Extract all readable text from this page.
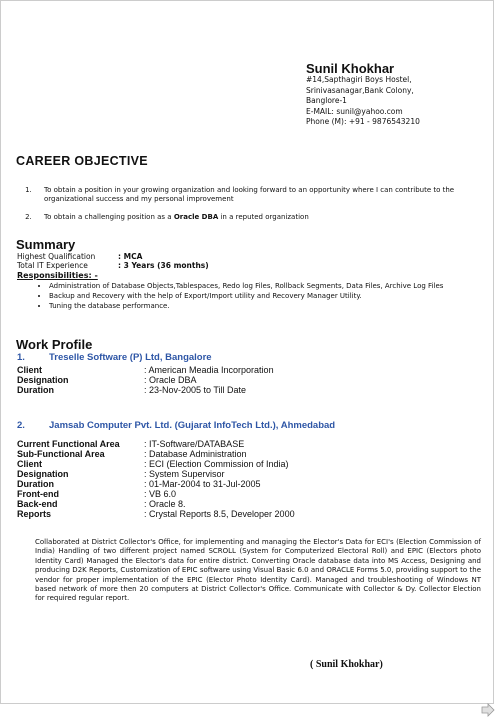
Sunil Khokhar
#14,Sapthagiri Boys Hostel,
Srinivasanagar,Bank Colony,
Banglore-1
E-MAIL: sunil@yahoo.com
Phone (M): +91 - 9876543210
CAREER OBJECTIVE
1. To obtain a position in your growing organization and looking forward to an opportunity where I can contribute to the organizational success and my personal improvement
2. To obtain a challenging position as a Oracle DBA in a reputed organization
Summary
Highest Qualification	: MCA
Total IT Experience	: 3 Years (36 months)
Responsibilities: -
• Administration of Database Objects,Tablespaces, Redo log Files, Rollback Segments, Data Files, Archive Log Files
• Backup and Recovery with the help of Export/Import utility and Recovery Manager Utility.
• Tuning the database performance.
Work Profile
1.	Treselle Software (P) Ltd, Bangalore
Client	: American Meadia Incorporation
Designation	: Oracle DBA
Duration	: 23-Nov-2005 to Till Date
2.	Jamsab Computer Pvt. Ltd. (Gujarat InfoTech Ltd.), Ahmedabad
Current Functional Area	: IT-Software/DATABASE
Sub-Functional Area	: Database Administration
Client	: ECI (Election Commission of India)
Designation	: System Supervisor
Duration	: 01-Mar-2004 to 31-Jul-2005
Front-end	: VB 6.0
Back-end	: Oracle 8.
Reports	: Crystal Reports 8.5, Developer 2000
Collaborated at District Collector's Office, for implementing and managing the Elector's Data for ECI's (Election Commission of India) Handling of two different project named SCROLL (System for Computerized Electoral Roll) and EPIC (Electors photo Identity Card) Managed the Elector's data for entire district. Converting Oracle database data into MS Access, Designing and producing D2K Reports, Customization of EPIC software using Visual Basic 6.0 and ORACLE Forms 5.0, providing support to the vendor for proper implementation of the EPIC (Elector Photo Identity Card). Managed and troubleshooting of Windows NT based network of more then 20 computers at District Collector's Office. Communicate with Collector & Dy. Collector Election for required regular report.
( Sunil Khokhar)
